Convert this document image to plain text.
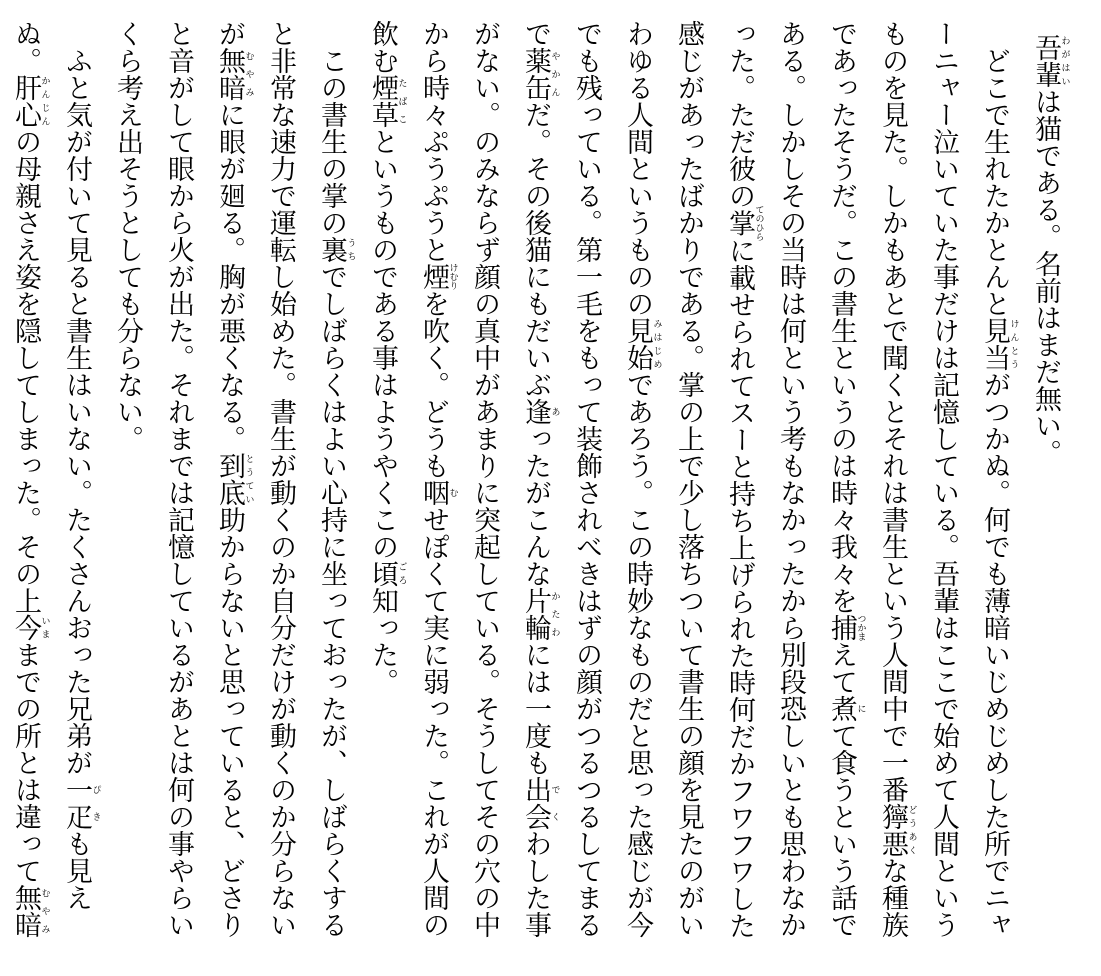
吾輩わがはいは猫である。名前はまだ無い。

どこで生れたかとんと見当けんとうがつかぬ。何でも薄暗いじめじめした所でニャーニャー泣いていた事だけは記憶している。吾輩はここで始めて人間というものを見た。しかもあとで聞くとそれは書生という人間中で一番獰悪どうあくな種族であったそうだ。この書生というのは時々我々を捕つかまえて煮にて食うという話である。しかしその当時は何という考もなかったから別段恐しいとも思わなかった。ただ彼の掌てのひらに載せられてスーと持ち上げられた時何だかフワフワした感じがあったばかりである。掌の上で少し落ちついて書生の顔を見たのがいわゆる人間というものの見始みはじめであろう。この時妙なものだと思った感じが今でも残っている。第一毛をもって装飾されべきはずの顔がつるつるしてまるで薬缶やかんだ。その後猫にもだいぶ逢あったがこんな片輪かたわには一度も出会でくわした事がない。のみならず顔の真中があまりに突起している。そうしてその穴の中から時々ぷうぷうと煙けむりを吹く。どうも咽むせぽくて実に弱った。これが人間の飲む煙草たばこというものである事はようやくこの頃ごろ知った。

この書生の掌の裏うちでしばらくはよい心持に坐っておったが、しばらくすると非常な速力で運転し始めた。書生が動くのか自分だけが動くのか分らないが無暗むやみに眼が廻る。胸が悪くなる。到底とうてい助からないと思っていると、どさりと音がして眼から火が出た。それまでは記憶しているがあとは何の事やらいくら考え出そうとしても分らない。

ふと気が付いて見ると書生はいない。たくさんおった兄弟が一疋ぴきも見えぬ。肝心かんじんの母親さえ姿を隠してしまった。その上今いままでの所とは違って無暗むやみ
